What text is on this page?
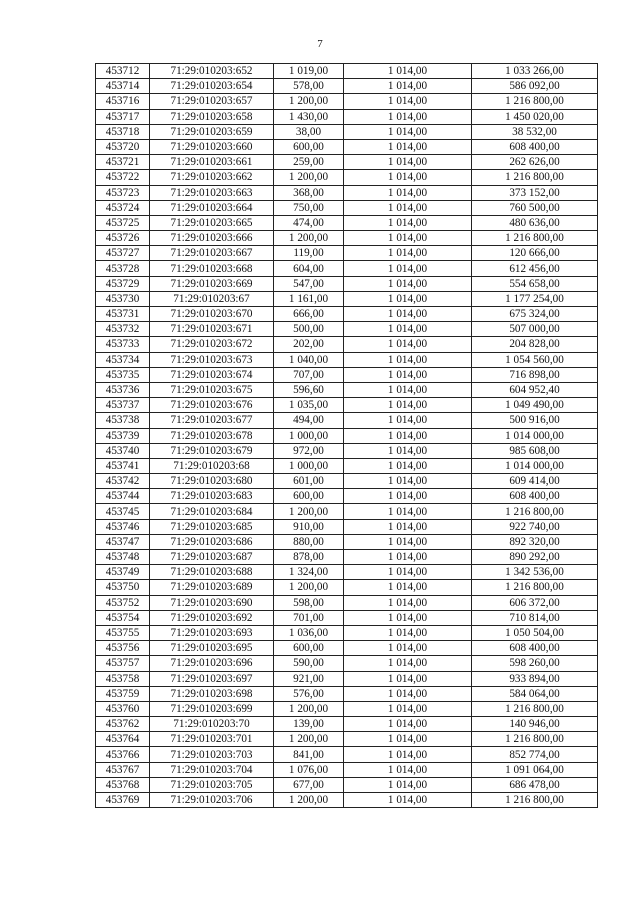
7
453712	71:29:010203:652	1 019,00	1 014,00	1 033 266,00
453714	71:29:010203:654	578,00	1 014,00	586 092,00
453716	71:29:010203:657	1 200,00	1 014,00	1 216 800,00
453717	71:29:010203:658	1 430,00	1 014,00	1 450 020,00
453718	71:29:010203:659	38,00	1 014,00	38 532,00
453720	71:29:010203:660	600,00	1 014,00	608 400,00
453721	71:29:010203:661	259,00	1 014,00	262 626,00
453722	71:29:010203:662	1 200,00	1 014,00	1 216 800,00
453723	71:29:010203:663	368,00	1 014,00	373 152,00
453724	71:29:010203:664	750,00	1 014,00	760 500,00
453725	71:29:010203:665	474,00	1 014,00	480 636,00
453726	71:29:010203:666	1 200,00	1 014,00	1 216 800,00
453727	71:29:010203:667	119,00	1 014,00	120 666,00
453728	71:29:010203:668	604,00	1 014,00	612 456,00
453729	71:29:010203:669	547,00	1 014,00	554 658,00
453730	71:29:010203:67	1 161,00	1 014,00	1 177 254,00
453731	71:29:010203:670	666,00	1 014,00	675 324,00
453732	71:29:010203:671	500,00	1 014,00	507 000,00
453733	71:29:010203:672	202,00	1 014,00	204 828,00
453734	71:29:010203:673	1 040,00	1 014,00	1 054 560,00
453735	71:29:010203:674	707,00	1 014,00	716 898,00
453736	71:29:010203:675	596,60	1 014,00	604 952,40
453737	71:29:010203:676	1 035,00	1 014,00	1 049 490,00
453738	71:29:010203:677	494,00	1 014,00	500 916,00
453739	71:29:010203:678	1 000,00	1 014,00	1 014 000,00
453740	71:29:010203:679	972,00	1 014,00	985 608,00
453741	71:29:010203:68	1 000,00	1 014,00	1 014 000,00
453742	71:29:010203:680	601,00	1 014,00	609 414,00
453744	71:29:010203:683	600,00	1 014,00	608 400,00
453745	71:29:010203:684	1 200,00	1 014,00	1 216 800,00
453746	71:29:010203:685	910,00	1 014,00	922 740,00
453747	71:29:010203:686	880,00	1 014,00	892 320,00
453748	71:29:010203:687	878,00	1 014,00	890 292,00
453749	71:29:010203:688	1 324,00	1 014,00	1 342 536,00
453750	71:29:010203:689	1 200,00	1 014,00	1 216 800,00
453752	71:29:010203:690	598,00	1 014,00	606 372,00
453754	71:29:010203:692	701,00	1 014,00	710 814,00
453755	71:29:010203:693	1 036,00	1 014,00	1 050 504,00
453756	71:29:010203:695	600,00	1 014,00	608 400,00
453757	71:29:010203:696	590,00	1 014,00	598 260,00
453758	71:29:010203:697	921,00	1 014,00	933 894,00
453759	71:29:010203:698	576,00	1 014,00	584 064,00
453760	71:29:010203:699	1 200,00	1 014,00	1 216 800,00
453762	71:29:010203:70	139,00	1 014,00	140 946,00
453764	71:29:010203:701	1 200,00	1 014,00	1 216 800,00
453766	71:29:010203:703	841,00	1 014,00	852 774,00
453767	71:29:010203:704	1 076,00	1 014,00	1 091 064,00
453768	71:29:010203:705	677,00	1 014,00	686 478,00
453769	71:29:010203:706	1 200,00	1 014,00	1 216 800,00
